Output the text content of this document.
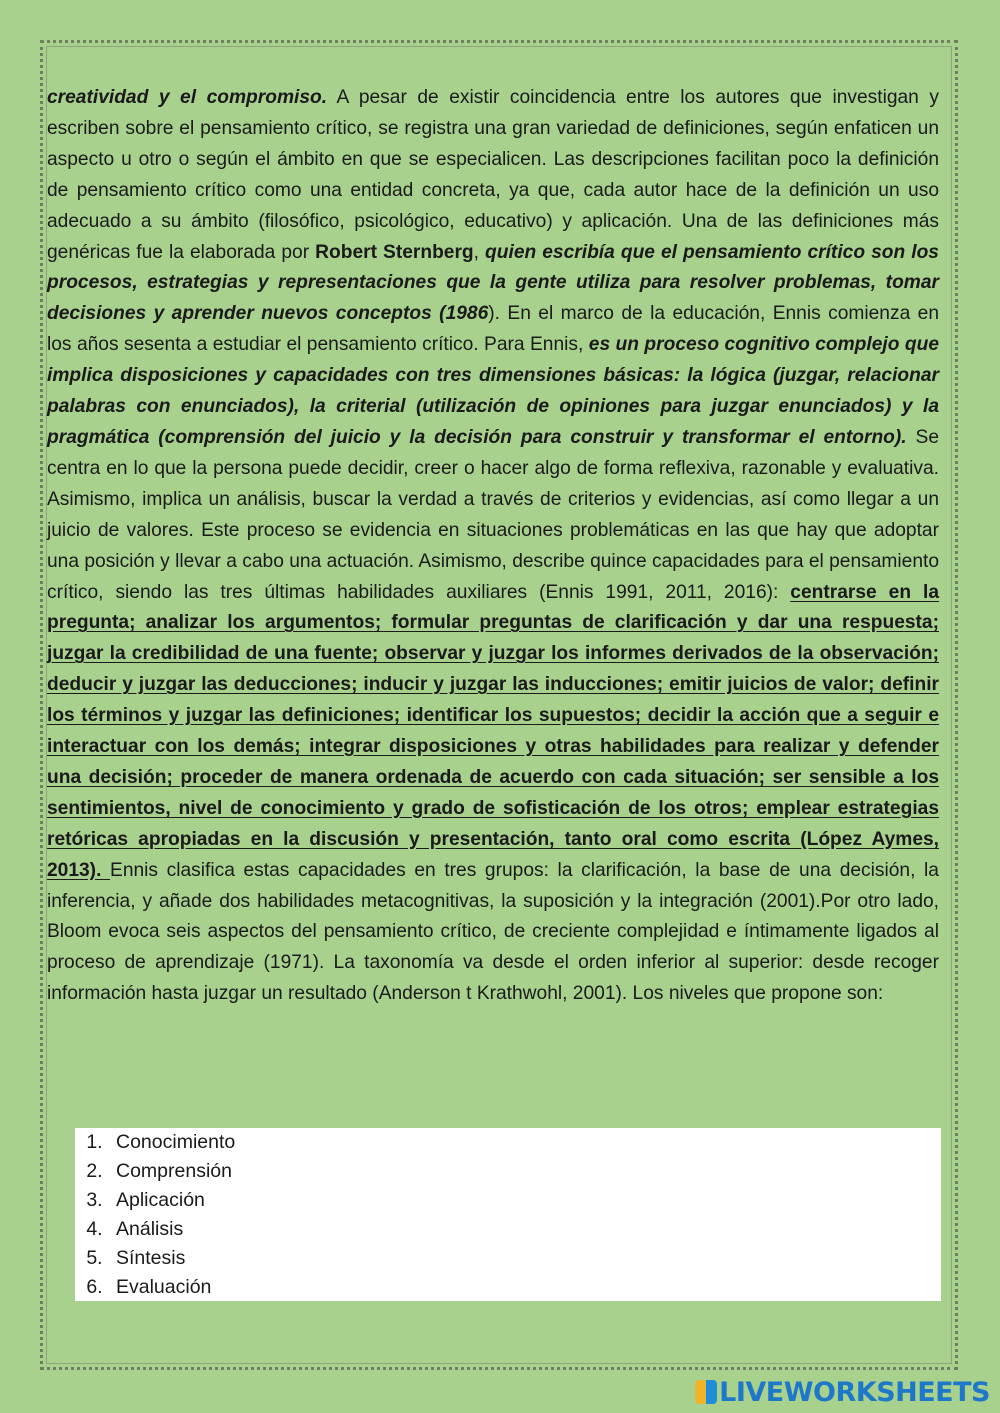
creatividad y el compromiso. A pesar de existir coincidencia entre los autores que investigan y escriben sobre el pensamiento crítico, se registra una gran variedad de definiciones, según enfaticen un aspecto u otro o según el ámbito en que se especialicen. Las descripciones facilitan poco la definición de pensamiento crítico como una entidad concreta, ya que, cada autor hace de la definición un uso adecuado a su ámbito (filosófico, psicológico, educativo) y aplicación. Una de las definiciones más genéricas fue la elaborada por Robert Sternberg, quien escribía que el pensamiento crítico son los procesos, estrategias y representaciones que la gente utiliza para resolver problemas, tomar decisiones y aprender nuevos conceptos (1986). En el marco de la educación, Ennis comienza en los años sesenta a estudiar el pensamiento crítico. Para Ennis, es un proceso cognitivo complejo que implica disposiciones y capacidades con tres dimensiones básicas: la lógica (juzgar, relacionar palabras con enunciados), la criterial (utilización de opiniones para juzgar enunciados) y la pragmática (comprensión del juicio y la decisión para construir y transformar el entorno). Se centra en lo que la persona puede decidir, creer o hacer algo de forma reflexiva, razonable y evaluativa. Asimismo, implica un análisis, buscar la verdad a través de criterios y evidencias, así como llegar a un juicio de valores. Este proceso se evidencia en situaciones problemáticas en las que hay que adoptar una posición y llevar a cabo una actuación. Asimismo, describe quince capacidades para el pensamiento crítico, siendo las tres últimas habilidades auxiliares (Ennis 1991, 2011, 2016): centrarse en la pregunta; analizar los argumentos; formular preguntas de clarificación y dar una respuesta; juzgar la credibilidad de una fuente; observar y juzgar los informes derivados de la observación; deducir y juzgar las deducciones; inducir y juzgar las inducciones; emitir juicios de valor; definir los términos y juzgar las definiciones; identificar los supuestos; decidir la acción que a seguir e interactuar con los demás; integrar disposiciones y otras habilidades para realizar y defender una decisión; proceder de manera ordenada de acuerdo con cada situación; ser sensible a los sentimientos, nivel de conocimiento y grado de sofisticación de los otros; emplear estrategias retóricas apropiadas en la discusión y presentación, tanto oral como escrita (López Aymes, 2013). Ennis clasifica estas capacidades en tres grupos: la clarificación, la base de una decisión, la inferencia, y añade dos habilidades metacognitivas, la suposición y la integración (2001).Por otro lado, Bloom evoca seis aspectos del pensamiento crítico, de creciente complejidad e íntimamente ligados al proceso de aprendizaje (1971). La taxonomía va desde el orden inferior al superior: desde recoger información hasta juzgar un resultado (Anderson t Krathwohl, 2001). Los niveles que propone son:

1. Conocimiento
2. Comprensión
3. Aplicación
4. Análisis
5. Síntesis
6. Evaluación
LIVEWORKSHEETS
